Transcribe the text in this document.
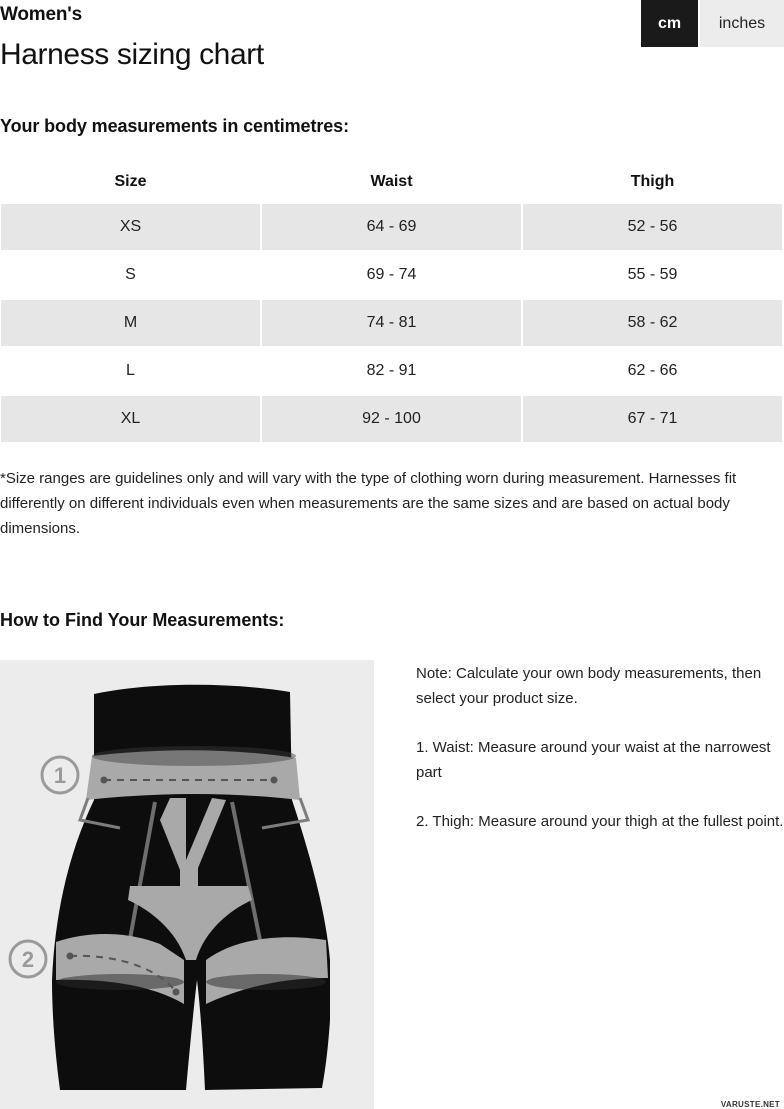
Women's
Harness sizing chart
cm	inches
Your body measurements in centimetres:
Size	Waist	Thigh
XS	64 - 69	52 - 56
S	69 - 74	55 - 59
M	74 - 81	58 - 62
L	82 - 91	62 - 66
XL	92 - 100	67 - 71
*Size ranges are guidelines only and will vary with the type of clothing worn during measurement. Harnesses fit differently on different individuals even when measurements are the same sizes and are based on actual body dimensions.
How to Find Your Measurements:
1
2

Note: Calculate your own body measurements, then select your product size.

1. Waist: Measure around your waist at the narrowest part

2. Thigh: Measure around your thigh at the fullest point.

VARUSTE.NET
